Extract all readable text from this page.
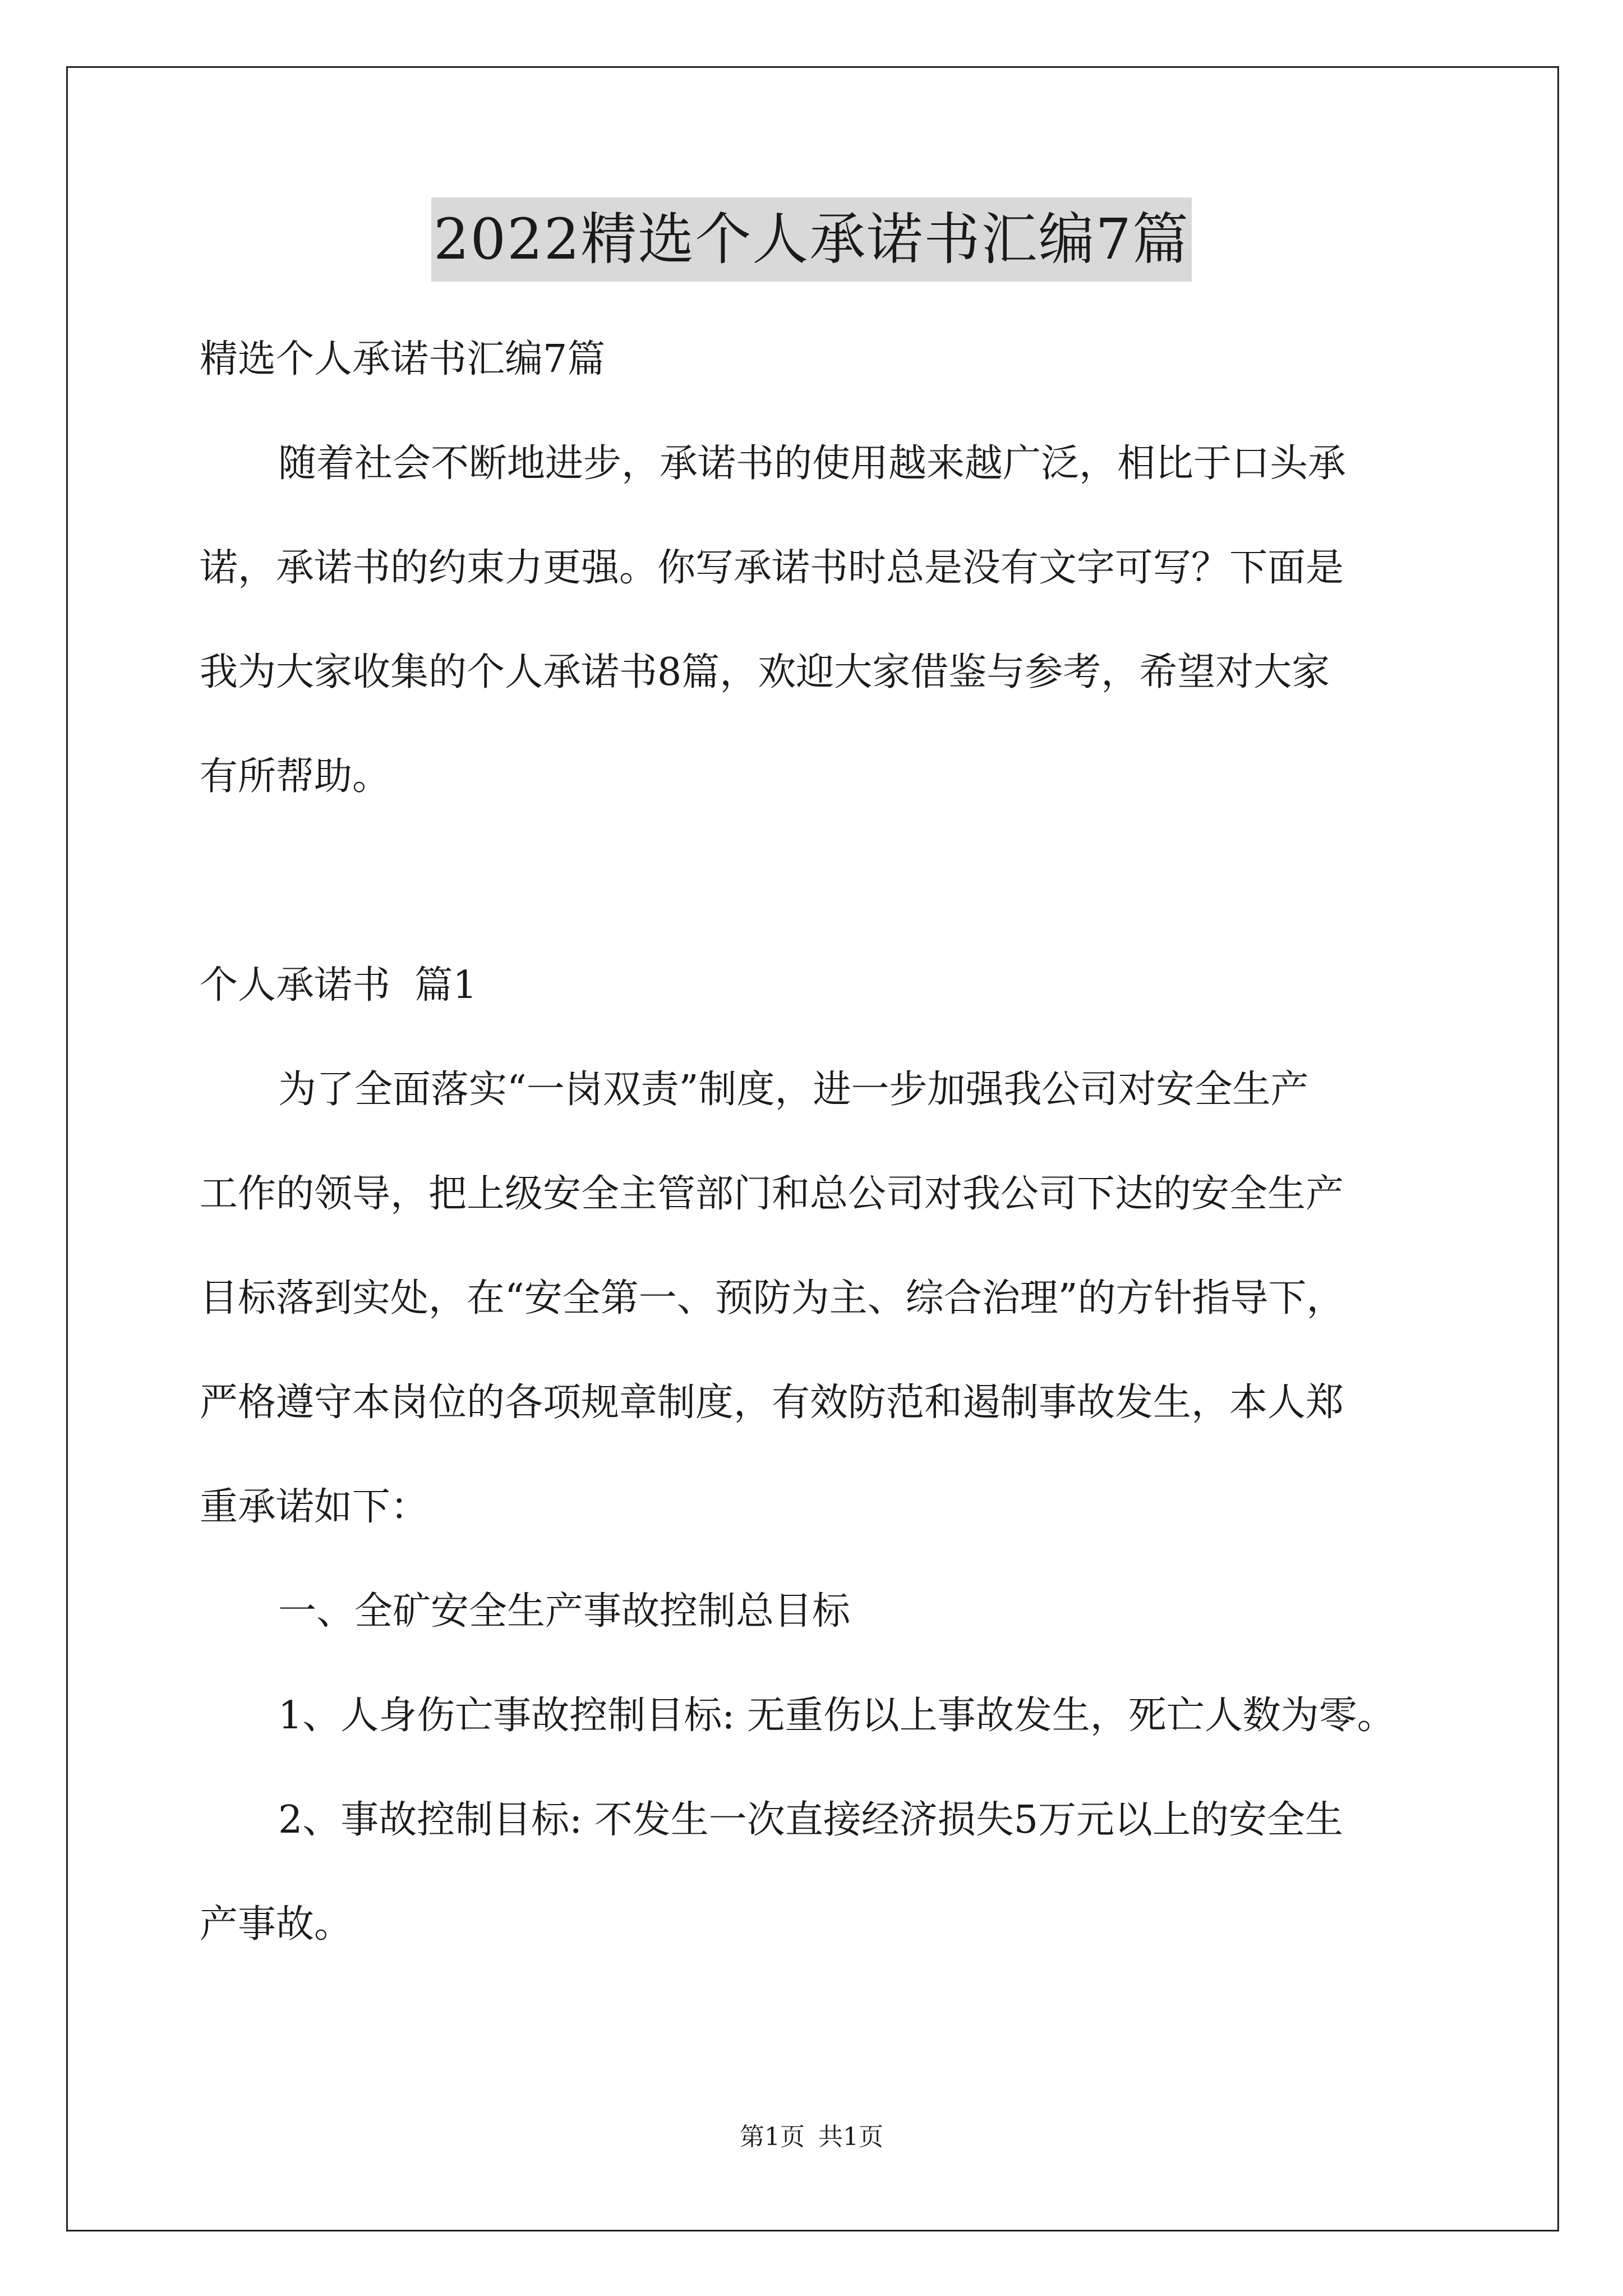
2022精选个人承诺书汇编7篇
精选个人承诺书汇编7篇
随着社会不断地进步，承诺书的使用越来越广泛，相比于口头承
诺，承诺书的约束力更强。你写承诺书时总是没有文字可写？下面是
我为大家收集的个人承诺书8篇，欢迎大家借鉴与参考，希望对大家
有所帮助。
个人承诺书  篇1
为了全面落实“一岗双责”制度，进一步加强我公司对安全生产
工作的领导，把上级安全主管部门和总公司对我公司下达的安全生产
目标落到实处，在“安全第一、预防为主、综合治理”的方针指导下，
严格遵守本岗位的各项规章制度，有效防范和遏制事故发生，本人郑
重承诺如下：
一、全矿安全生产事故控制总目标
1、人身伤亡事故控制目标: 无重伤以上事故发生，死亡人数为零。
2、事故控制目标: 不发生一次直接经济损失5万元以上的安全生
产事故。
第1页 共1页
